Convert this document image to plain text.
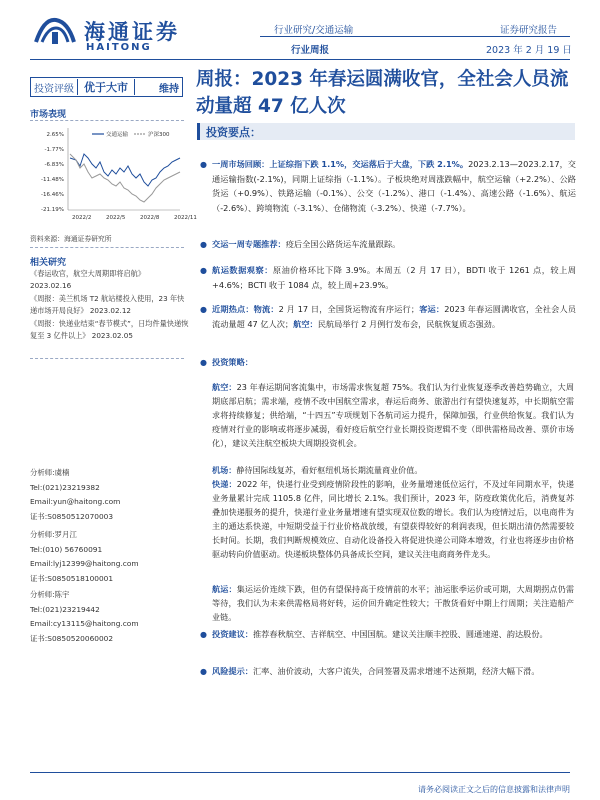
海通证券
HAITONG
行业研究/交通运输
行业周报
证券研究报告
2023 年 2 月 19 日
投资评级 优于大市	维持 周报：2023 年春运圆满收官，全社会人员流动量超 47 亿人次
投资要点：
市场表现
2.65%
-1.77%
-6.83%
-11.48%
-16.46%
-21.19%
2022/2	2022/5	2022/8	2022/11
交通运输	沪深300
资料来源：海通证券研究所
相关研究
《春运收官，航空大周期即将启航》
2023.02.16
《周报：美兰机场 T2 航站楼投入使用，23 年快递市场开局良好》 2023.02.12
《周报：快递业结束“春节模式”，日均件量快递恢复至 3 亿件以上》 2023.02.05
分析师:虞楠
Tel:(021)23219382
Email:yun@haitong.com
证书:S0850512070003
分析师:罗月江
Tel:(010) 56760091
Email:lyj12399@haitong.com
证书:S0850518100001
分析师:陈宇
Tel:(021)23219442
Email:cy13115@haitong.com
证书:S0850520060002
● 一周市场回顾：上证综指下跌 1.1%，交运落后于大盘，下跌 2.1%。2023.2.13—2023.2.17，交通运输指数(-2.1%)，同期上证综指（-1.1%）。子板块绝对周涨跌幅中，航空运输（+2.2%）、公路货运（+0.9%）、铁路运输（-0.1%）、公交（-1.2%）、港口（-1.4%）、高速公路（-1.6%）、航运（-2.6%）、跨境物流（-3.1%）、仓储物流（-3.2%）、快递（-7.7%）。
● 交运一周专题推荐：疫后全国公路货运车流量跟踪。
● 航运数据观察：原油价格环比下降 3.9%。本周五（2 月 17 日），BDTI 收于 1261 点，较上周+4.6%；BCTI 收于 1084 点，较上周+23.9%。
● 近期热点：物流：2 月 17 日，全国货运物流有序运行；客运：2023 年春运圆满收官，全社会人员流动量超 47 亿人次；航空：民航局举行 2 月例行发布会，民航恢复质态强劲。
● 投资策略：
航空：23 年春运期间客流集中，市场需求恢复超 75%。我们认为行业恢复逐季改善趋势确立，大周期底部启航；需求端，疫情不改中国航空需求，春运后商务、旅游出行有望快速复苏，中长期航空需求将持续修复；供给端，“十四五”专项规划下各航司运力提升，保障加强，行业供给恢复。我们认为疫情对行业的影响或将逐步减弱，看好疫后航空行业长期投资逻辑不变（即供需格局改善、票价市场化），建议关注航空板块大周期投资机会。
机场：静待国际线复苏，看好枢纽机场长期流量商业价值。
快递：2022 年，快递行业受到疫情阶段性的影响，业务量增速低位运行，不及过年同期水平，快递业务量累计完成 1105.8 亿件，同比增长 2.1%。我们预计，2023 年，防疫政策优化后，消费复苏叠加快递服务的提升，快递行业业务量增速有望实现双位数的增长。我们认为疫情过后，以电商件为主的通达系快递，中短期受益于行业价格战放缓，有望获得较好的利润表现，但长期出清仍然需要较长时间。长期，我们判断规模效应、自动化设备投入将促进快递公司降本增效，行业也将逐步由价格驱动转向价值驱动。快递板块整体仍具备成长空间，建议关注电商商务件龙头。
航运：集运运价连续下跌，但仍有望保持高于疫情前的水平；油运胀季运价或可期，大周期拐点仍需等待，我们认为未来供需格局将好转，运价回升确定性较大；干散货看好中期上行周期；关注造船产业链。
● 投资建议：推荐春秋航空、吉祥航空、中国国航。建议关注顺丰控股、圆通速递、韵达股份。
● 风险提示：汇率、油价波动，大客户流失，合同签署及需求增速不达预期，经济大幅下滑。
请务必阅读正文之后的信息披露和法律声明
